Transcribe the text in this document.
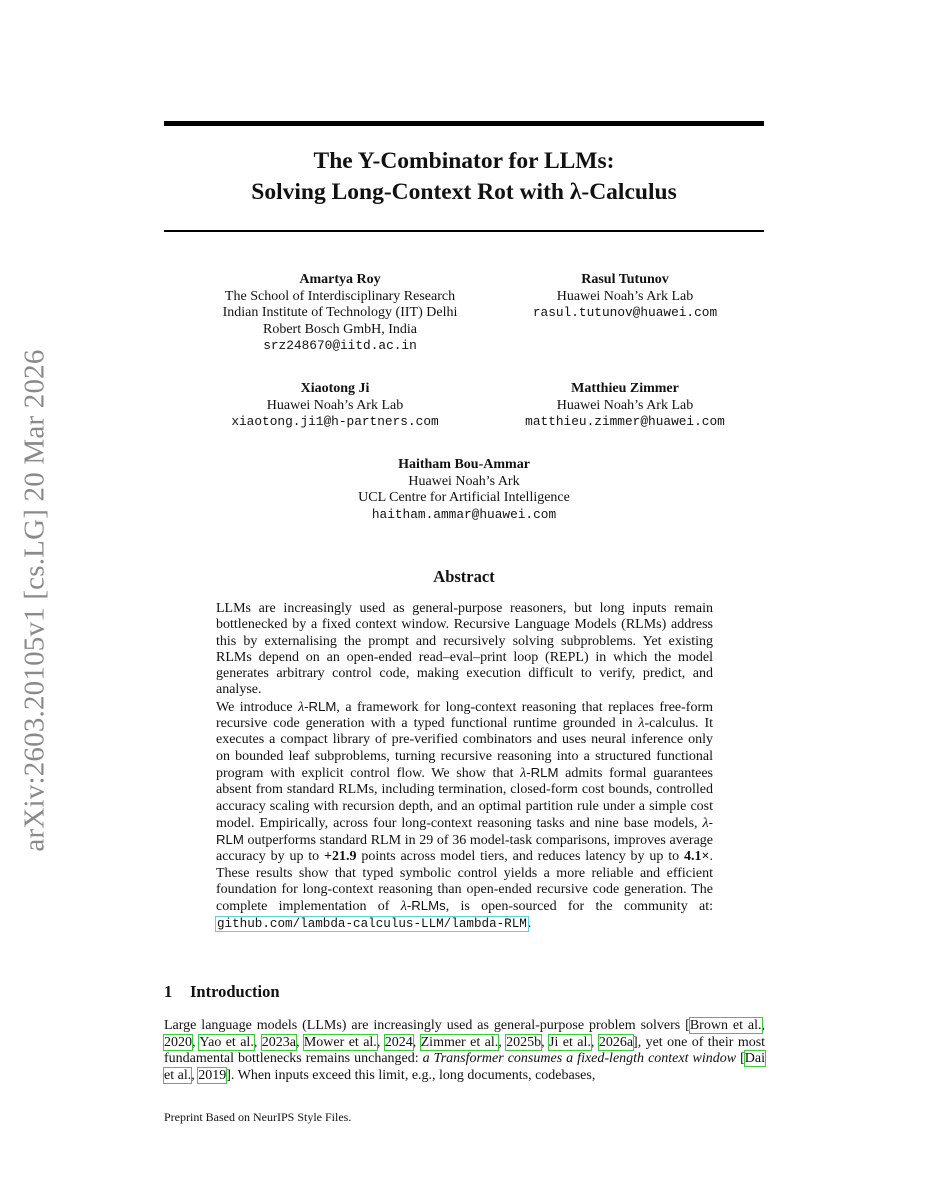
arXiv:2603.20105v1 [cs.LG] 20 Mar 2026
The Y-Combinator for LLMs:
Solving Long-Context Rot with λ-Calculus
Amartya Roy
The School of Interdisciplinary Research
Indian Institute of Technology (IIT) Delhi
Robert Bosch GmbH, India
srz248670@iitd.ac.in
Rasul Tutunov
Huawei Noah’s Ark Lab
rasul.tutunov@huawei.com
Xiaotong Ji
Huawei Noah’s Ark Lab
xiaotong.ji1@h-partners.com
Matthieu Zimmer
Huawei Noah’s Ark Lab
matthieu.zimmer@huawei.com
Haitham Bou-Ammar
Huawei Noah’s Ark
UCL Centre for Artificial Intelligence
haitham.ammar@huawei.com
Abstract

LLMs are increasingly used as general-purpose reasoners, but long inputs remain bottlenecked by a fixed context window. Recursive Language Models (RLMs) address this by externalising the prompt and recursively solving subproblems. Yet existing RLMs depend on an open-ended read–eval–print loop (REPL) in which the model generates arbitrary control code, making execution difficult to verify, predict, and analyse.

We introduce λ-RLM, a framework for long-context reasoning that replaces free-form recursive code generation with a typed functional runtime grounded in λ-calculus. It executes a compact library of pre-verified combinators and uses neural inference only on bounded leaf subproblems, turning recursive reasoning into a structured functional program with explicit control flow. We show that λ-RLM admits formal guarantees absent from standard RLMs, including termination, closed-form cost bounds, controlled accuracy scaling with recursion depth, and an optimal partition rule under a simple cost model. Empirically, across four long-context reasoning tasks and nine base models, λ-RLM outperforms standard RLM in 29 of 36 model-task comparisons, improves average accuracy by up to +21.9 points across model tiers, and reduces latency by up to 4.1×. These results show that typed symbolic control yields a more reliable and efficient foundation for long-context reasoning than open-ended recursive code generation. The complete implementation of λ-RLMs, is open-sourced for the community at: github.com/lambda-calculus-LLM/lambda-RLM.

1 Introduction

Large language models (LLMs) are increasingly used as general-purpose problem solvers [Brown et al., 2020, Yao et al., 2023a, Mower et al., 2024, Zimmer et al., 2025b, Ji et al., 2026a], yet one of their most fundamental bottlenecks remains unchanged: a Transformer consumes a fixed-length context window [Dai et al., 2019]. When inputs exceed this limit, e.g., long documents, codebases,

Preprint Based on NeurIPS Style Files.
